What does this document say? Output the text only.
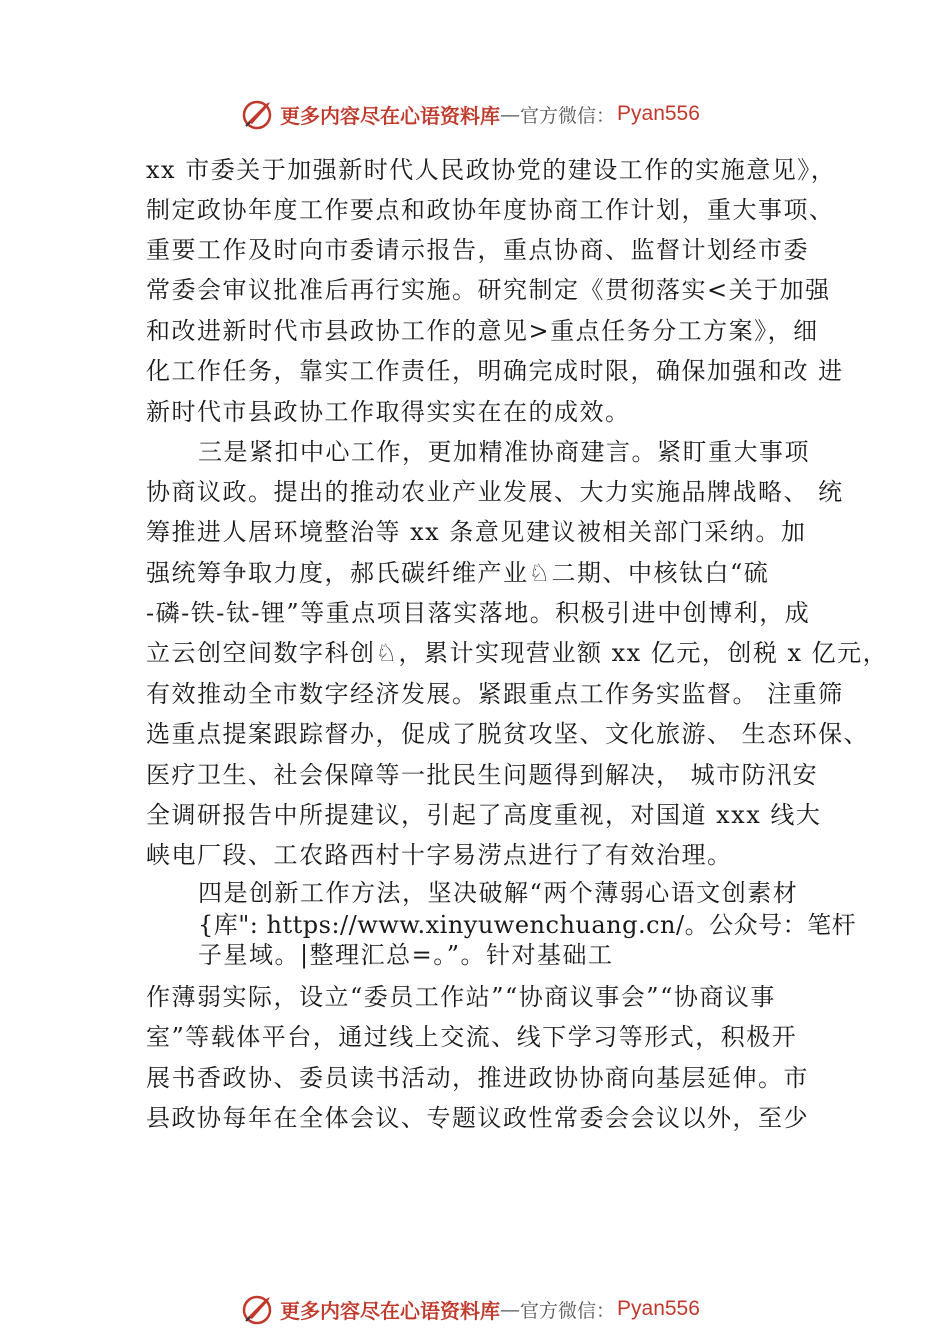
更多内容尽在心语资料库 — 官方微信： Pyan556
xx 市委关于加强新时代人民政协党的建设工作的实施意见》，
制定政协年度工作要点和政协年度协商工作计划，重大事项、
重要工作及时向市委请示报告，重点协商、监督计划经市委
常委会审议批准后再行实施。研究制定《贯彻落实<关于加强
和改进新时代市县政协工作的意见>重点任务分工方案》，细
化工作任务，靠实工作责任，明确完成时限，确保加强和改 进
新时代市县政协工作取得实实在在的成效。
三是紧扣中心工作，更加精准协商建言。紧盯重大事项
协商议政。提出的推动农业产业发展、大力实施品牌战略、 统
筹推进人居环境整治等 xx 条意见建议被相关部门采纳。加
强统筹争取力度，郝氏碳纤维产业♘二期、中核钛白“硫
-磷-铁-钛-锂”等重点项目落实落地。积极引进中创博利，成
立云创空间数字科创♘，累计实现营业额 xx 亿元，创税 x 亿元，
有效推动全市数字经济发展。紧跟重点工作务实监督。 注重筛
选重点提案跟踪督办，促成了脱贫攻坚、文化旅游、 生态环保、
医疗卫生、社会保障等一批民生问题得到解决， 城市防汛安
全调研报告中所提建议，引起了高度重视，对国道 xxx 线大
峡电厂段、工农路西村十字易涝点进行了有效治理。
四是创新工作方法，坚决破解“两个薄弱心语文创素材
{库": https://www.xinyuwenchuang.cn/。公众号：笔杆
子星域。|整理汇总=。”。针对基础工
作薄弱实际，设立“委员工作站”“协商议事会”“协商议事
室”等载体平台，通过线上交流、线下学习等形式，积极开
展书香政协、委员读书活动，推进政协协商向基层延伸。市
县政协每年在全体会议、专题议政性常委会会议以外，至少
更多内容尽在心语资料库 — 官方微信： Pyan556
